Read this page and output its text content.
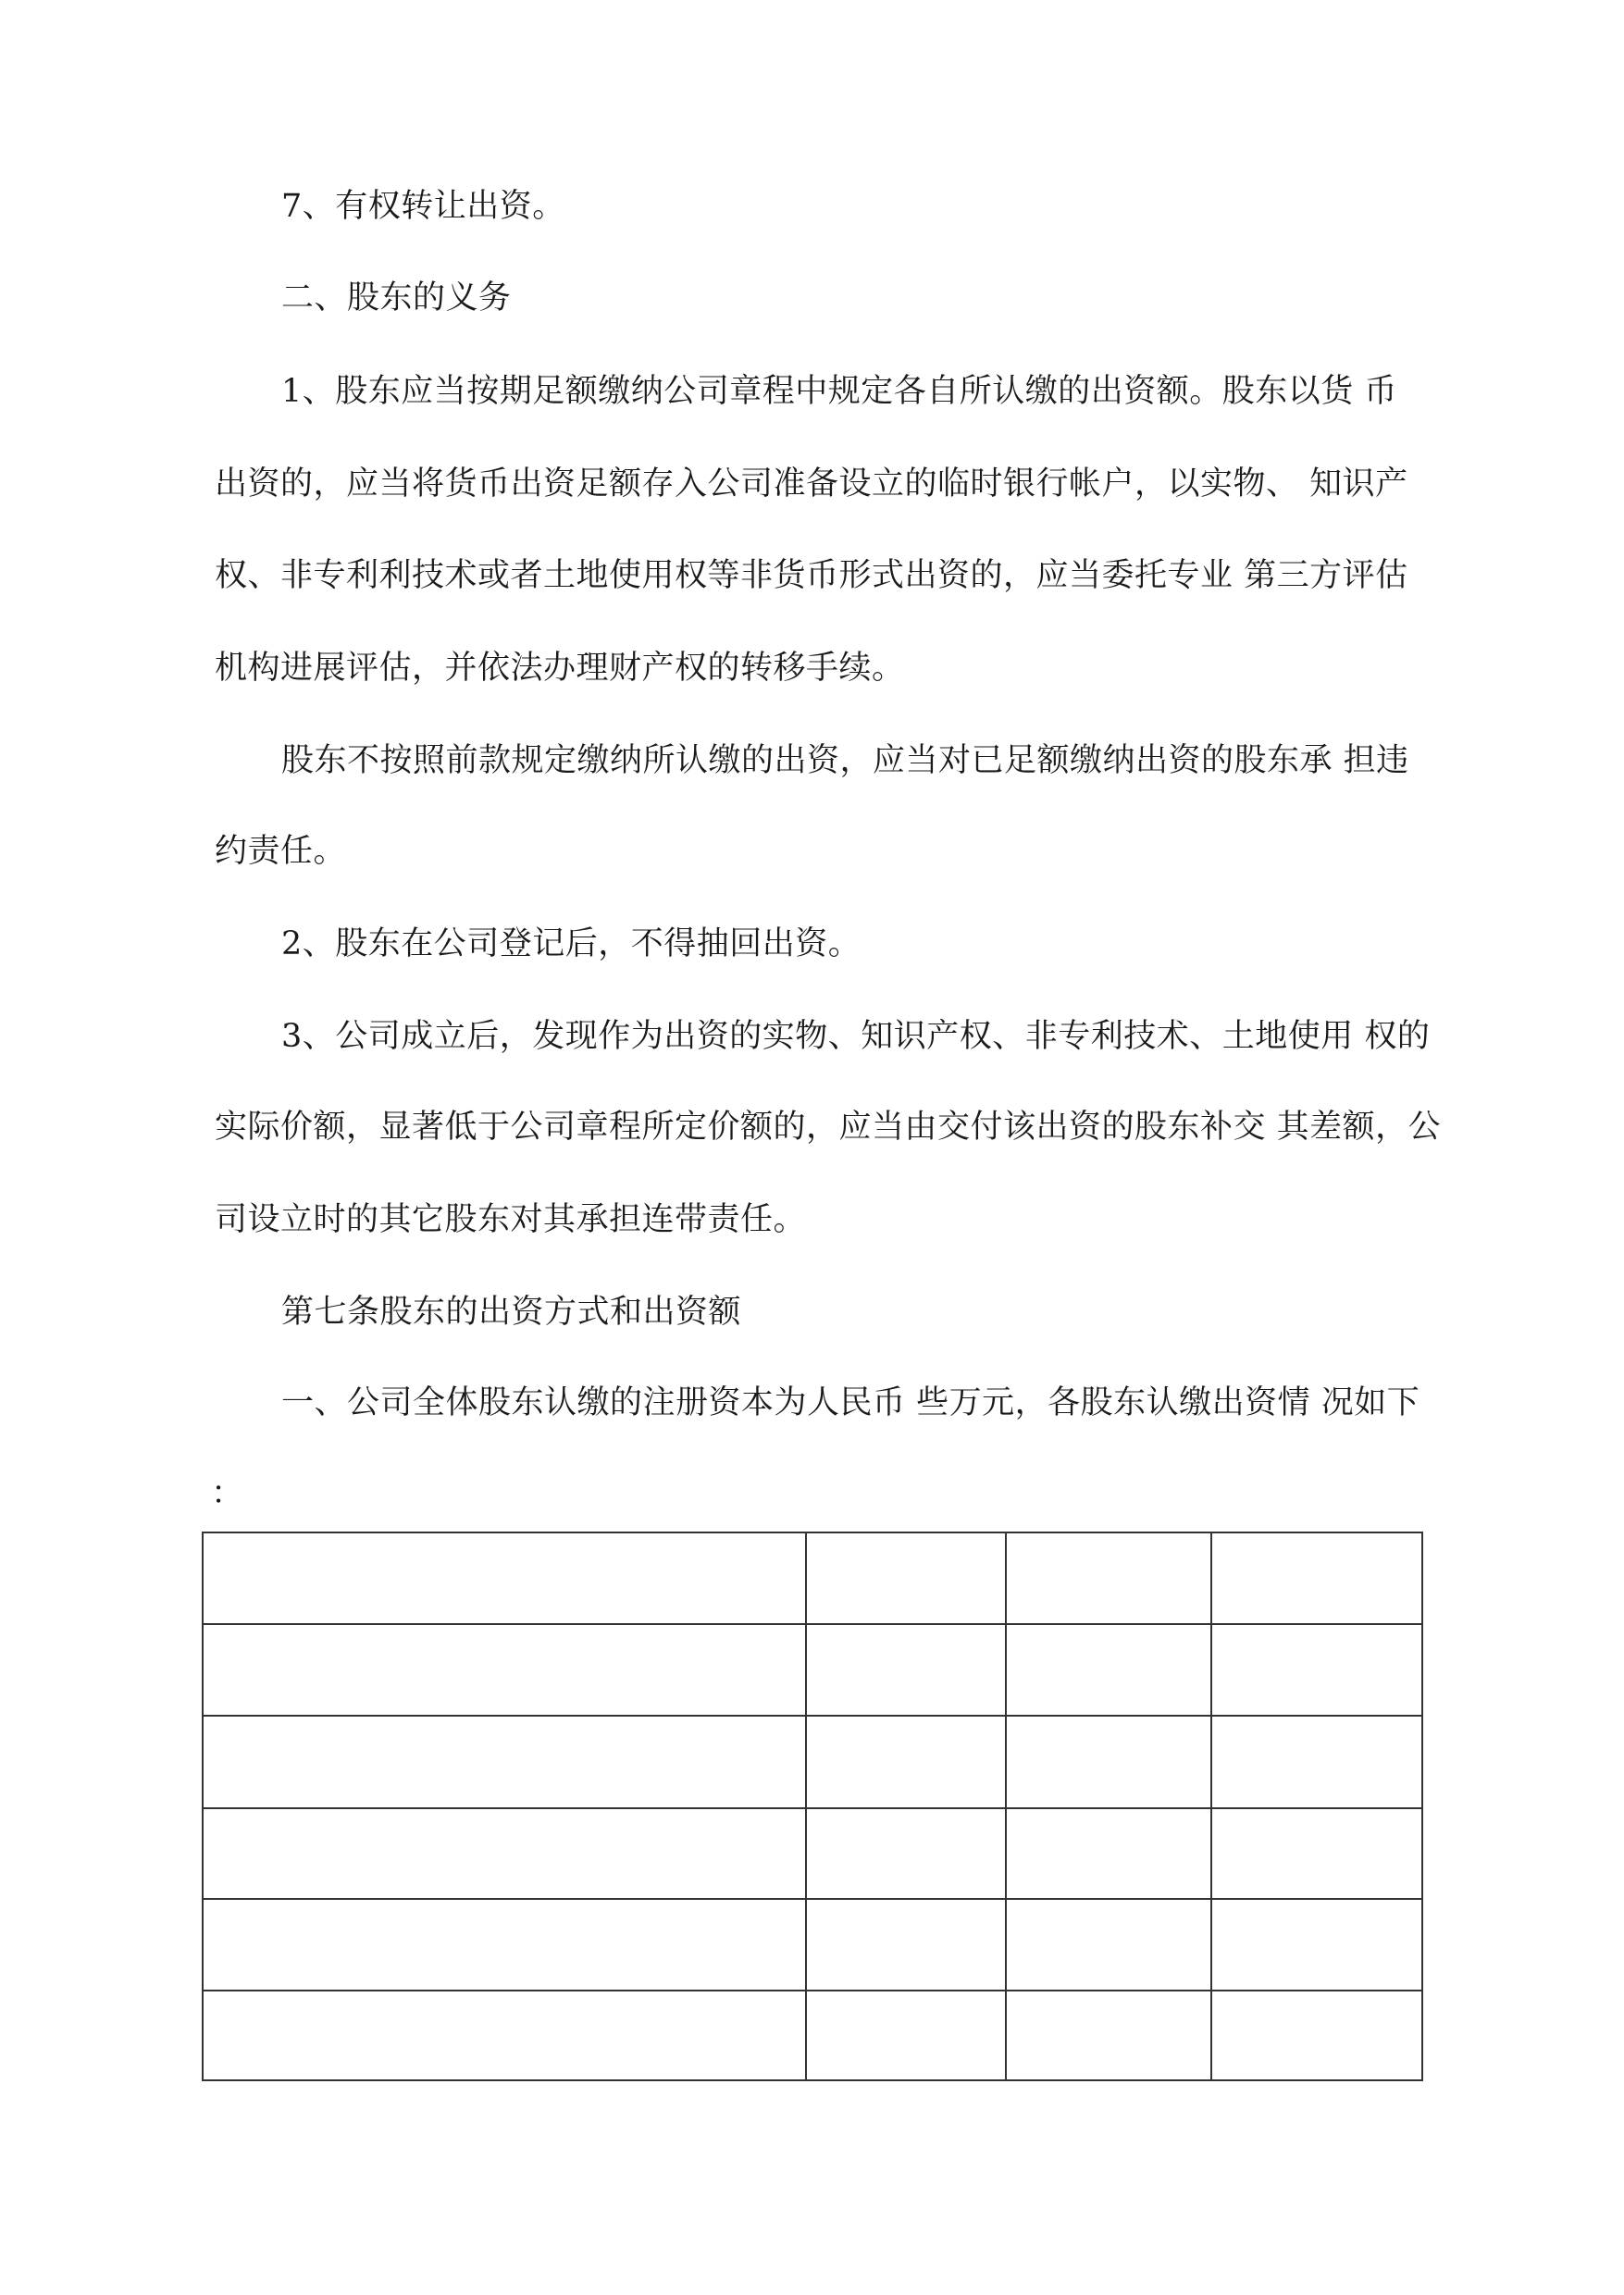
7、有权转让出资。
二、股东的义务
1、股东应当按期足额缴纳公司章程中规定各自所认缴的出资额。股东以货 币
出资的，应当将货币出资足额存入公司准备设立的临时银行帐户，以实物、 知识产
权、非专利利技术或者土地使用权等非货币形式出资的，应当委托专业 第三方评估
机构进展评估，并依法办理财产权的转移手续。
股东不按照前款规定缴纳所认缴的出资，应当对已足额缴纳出资的股东承 担违
约责任。
2、股东在公司登记后，不得抽回出资。
3、公司成立后，发现作为出资的实物、知识产权、非专利技术、土地使用 权的
实际价额，显著低于公司章程所定价额的，应当由交付该出资的股东补交 其差额，公
司设立时的其它股东对其承担连带责任。
第七条股东的出资方式和出资额
一、公司全体股东认缴的注册资本为人民币 些万元，各股东认缴出资情 况如下
：
